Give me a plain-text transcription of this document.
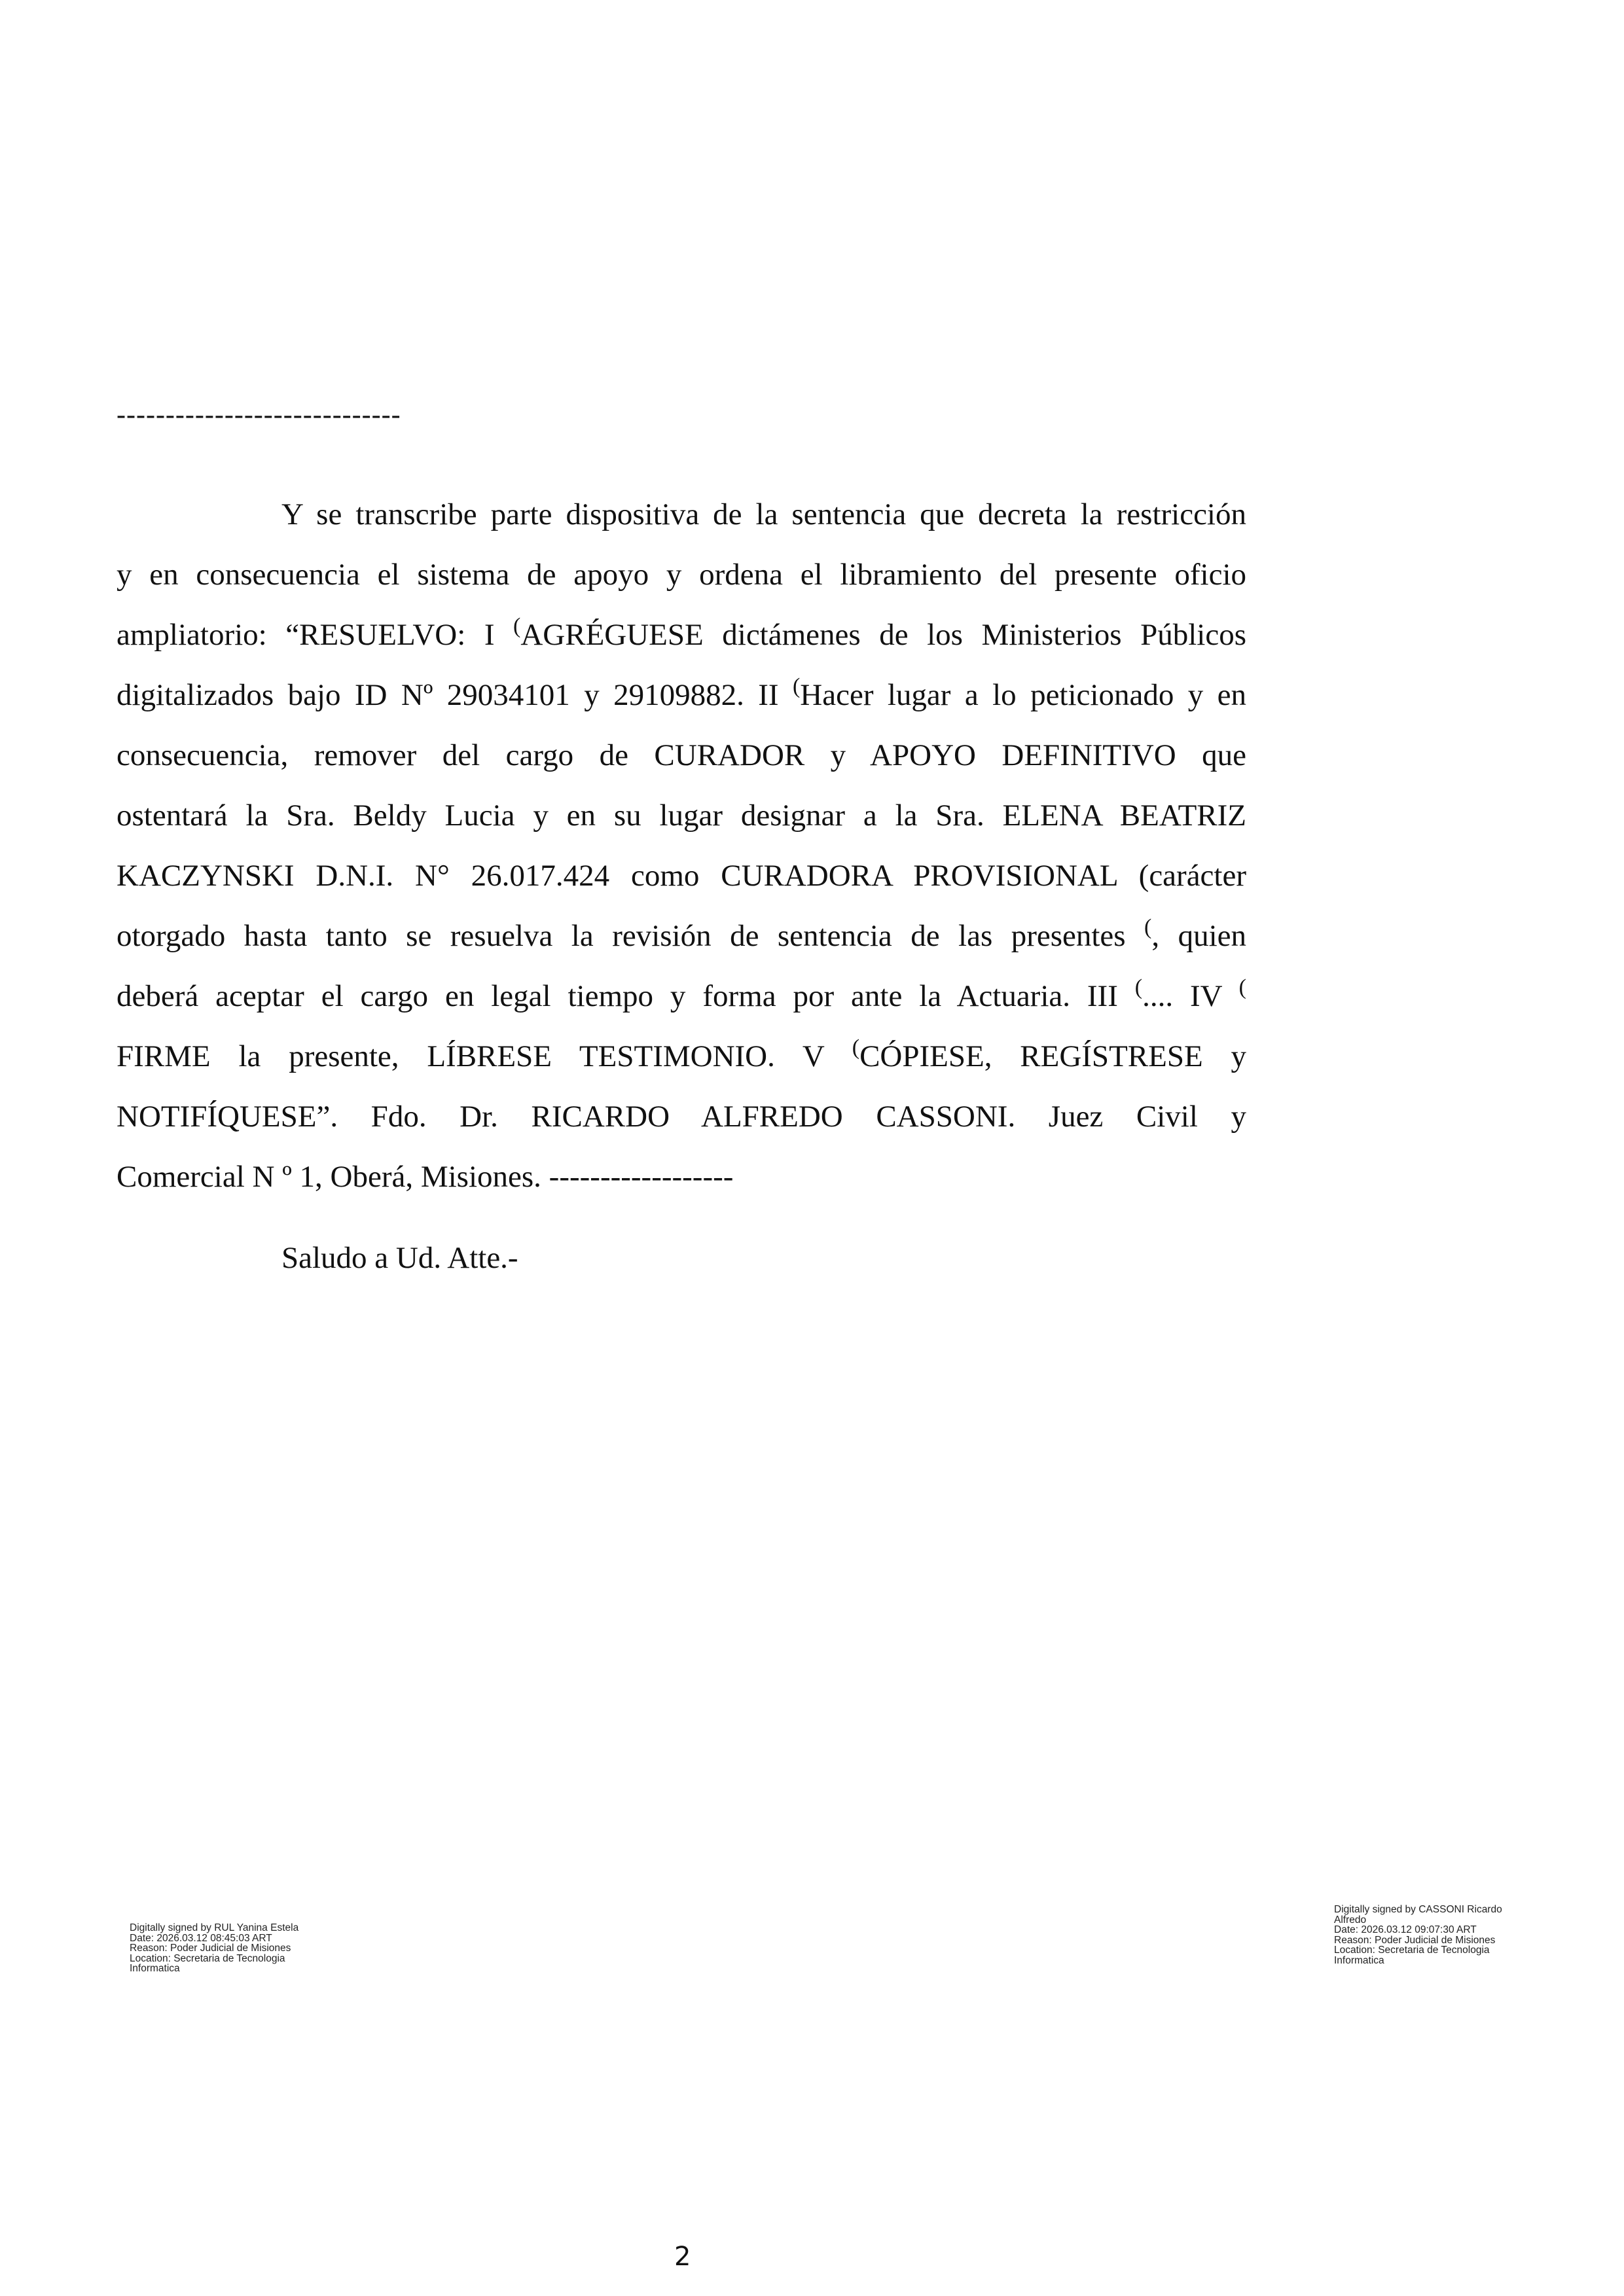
-----------------------------
Y se transcribe parte dispositiva de la sentencia que decreta la restricción
y en consecuencia el sistema de apoyo y ordena el libramiento del presente oficio
ampliatorio: “RESUELVO: I (AGRÉGUESE dictámenes de los Ministerios Públicos
digitalizados bajo ID Nº 29034101 y 29109882. II (Hacer lugar a lo peticionado y en
consecuencia, remover del cargo de CURADOR y APOYO DEFINITIVO que
ostentará la Sra. Beldy Lucia y en su lugar designar a la Sra. ELENA BEATRIZ
KACZYNSKI D.N.I. N° 26.017.424 como CURADORA PROVISIONAL (carácter
otorgado hasta tanto se resuelva la revisión de sentencia de las presentes (, quien
deberá aceptar el cargo en legal tiempo y forma por ante la Actuaria. III (.... IV (
FIRME la presente, LÍBRESE TESTIMONIO. V (CÓPIESE, REGÍSTRESE y
NOTIFÍQUESE”. Fdo. Dr. RICARDO ALFREDO CASSONI. Juez Civil y
Comercial N º 1, Oberá, Misiones. ------------------
Saludo a Ud. Atte.-
Digitally signed by RUL Yanina Estela
Date: 2026.03.12 08:45:03 ART
Reason: Poder Judicial de Misiones
Location: Secretaria de Tecnologia
Informatica
Digitally signed by CASSONI Ricardo
Alfredo
Date: 2026.03.12 09:07:30 ART
Reason: Poder Judicial de Misiones
Location: Secretaria de Tecnologia
Informatica
2
